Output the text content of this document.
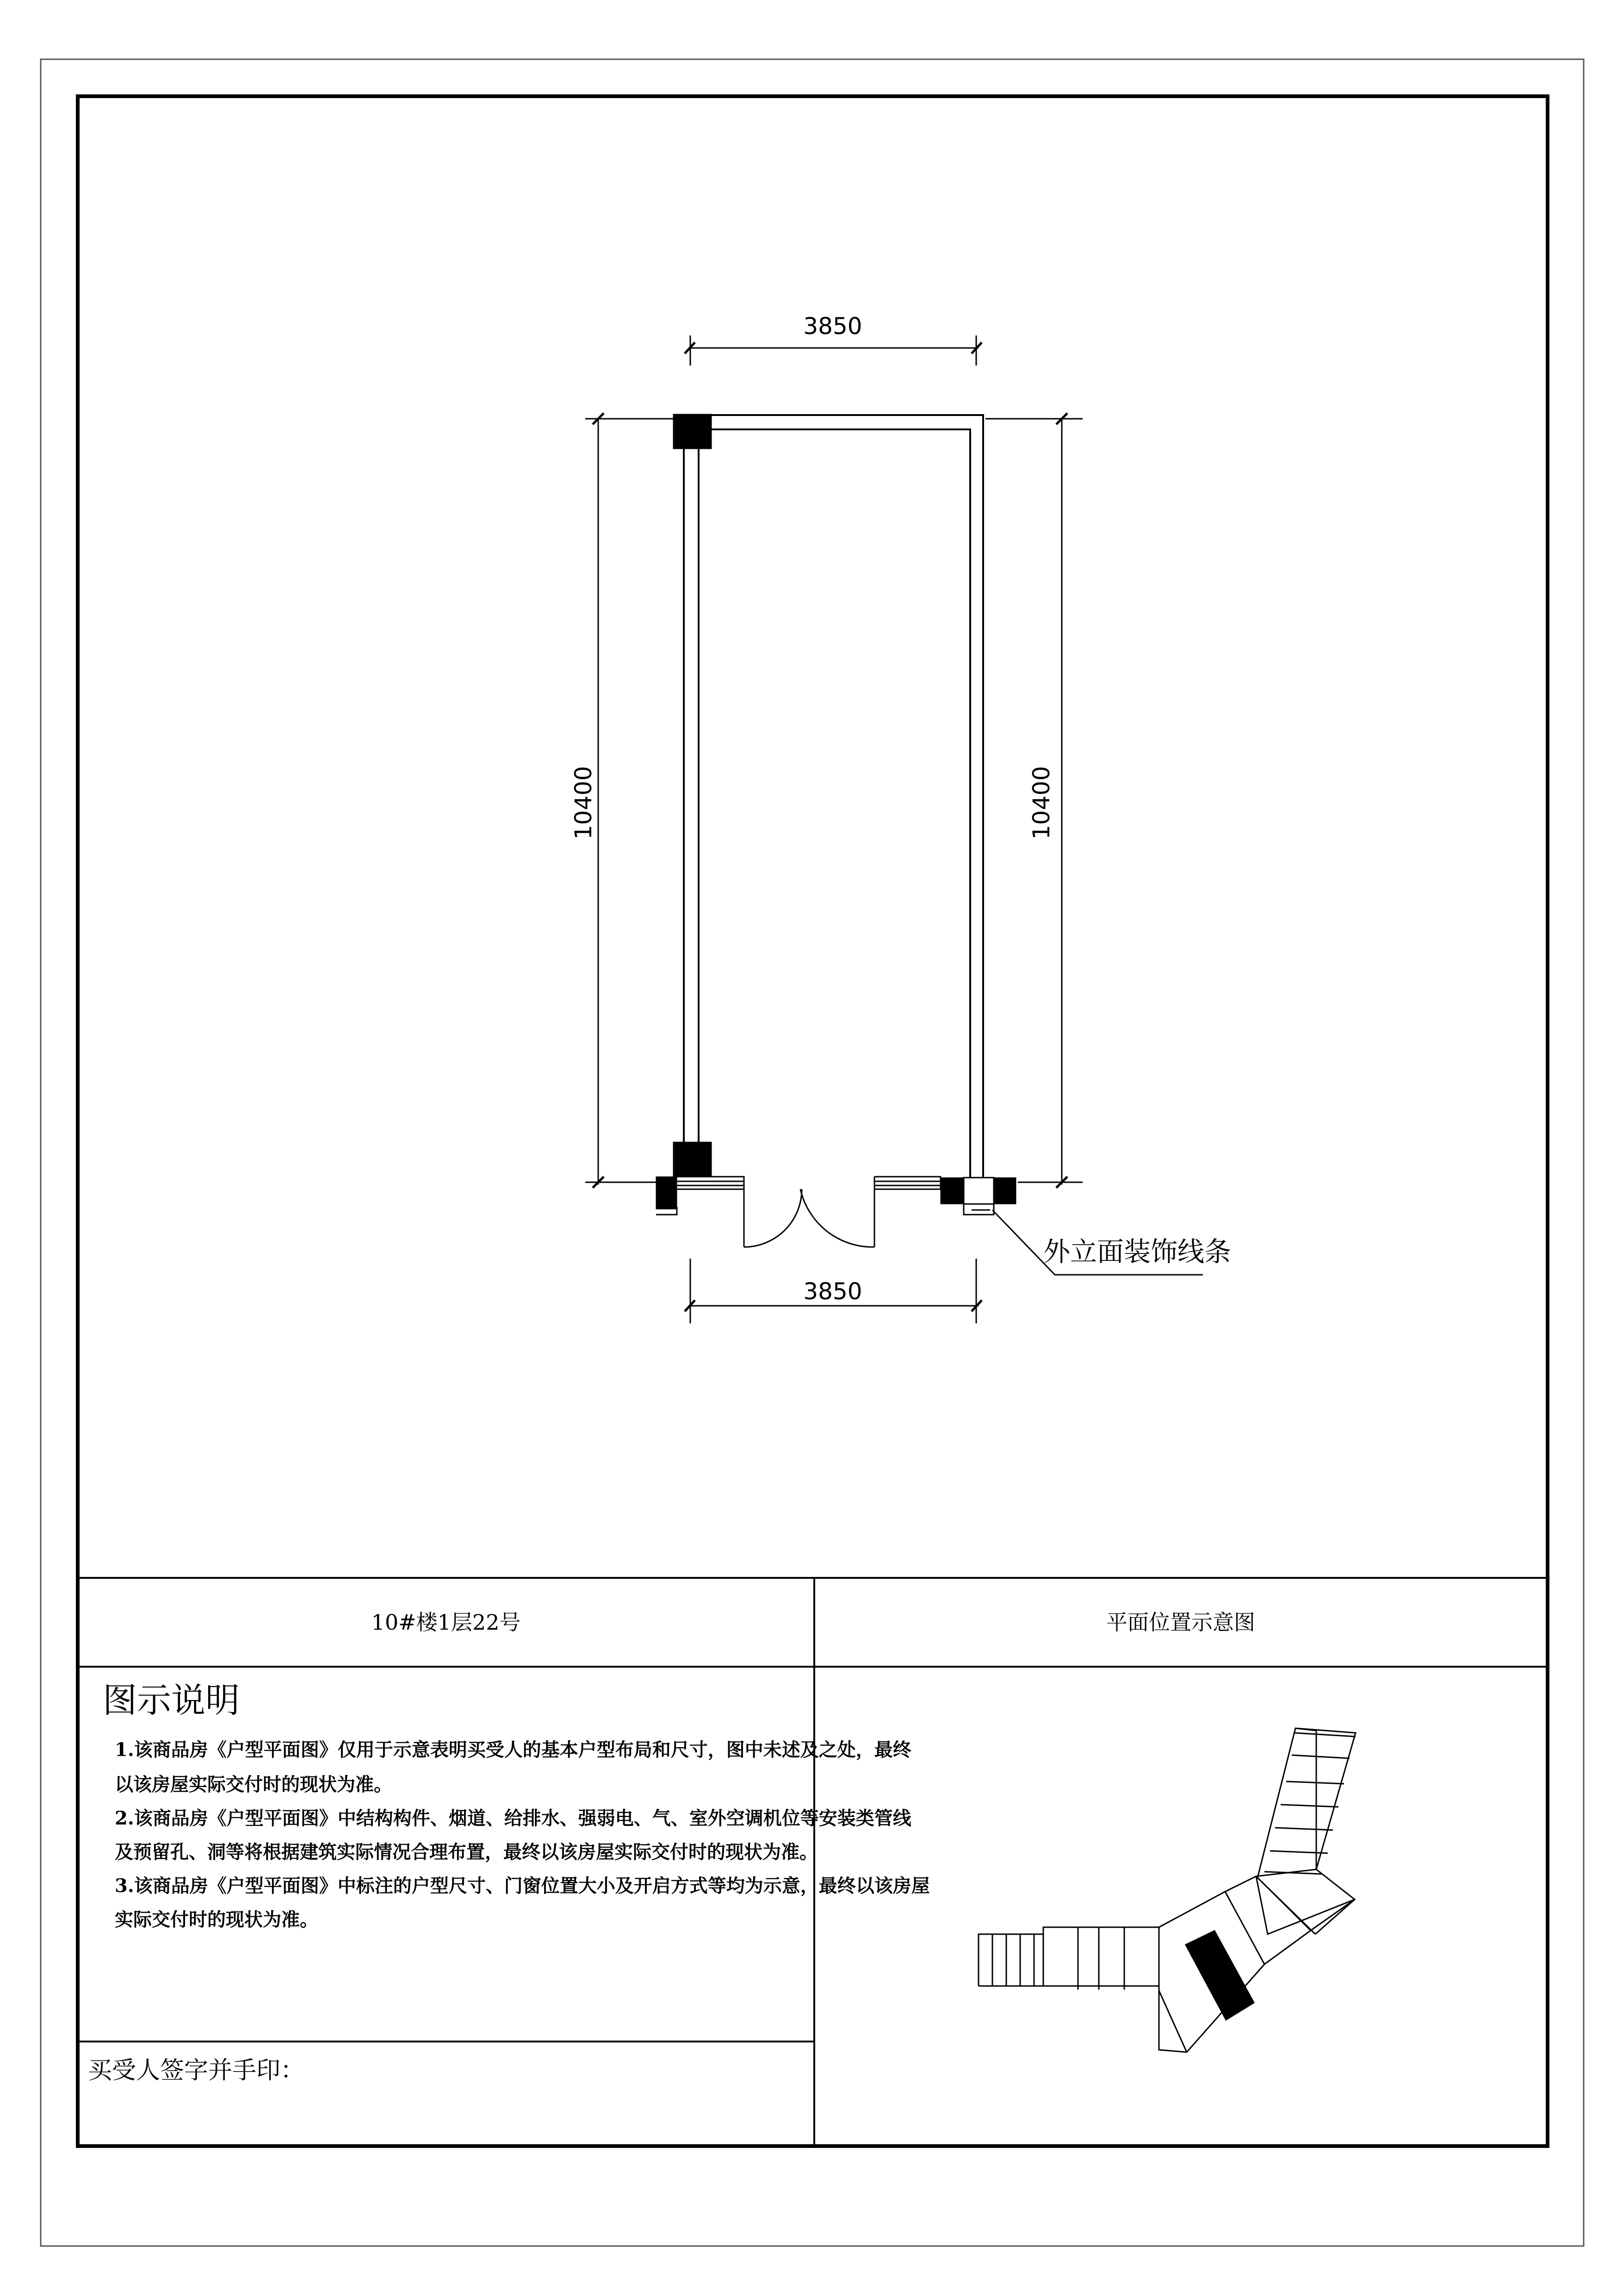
3850
3850
10400	10400
外立面装饰线条
10#楼1层22号	平面位置示意图
图示说明
1.该商品房《户型平面图》仅用于示意表明买受人的基本户型布局和尺寸，图中未述及之处，最终
以该房屋实际交付时的现状为准。
2.该商品房《户型平面图》中结构构件、烟道、给排水、强弱电、气、室外空调机位等安装类管线
及预留孔、洞等将根据建筑实际情况合理布置，最终以该房屋实际交付时的现状为准。
3.该商品房《户型平面图》中标注的户型尺寸、门窗位置大小及开启方式等均为示意，最终以该房屋
实际交付时的现状为准。
买受人签字并手印：
